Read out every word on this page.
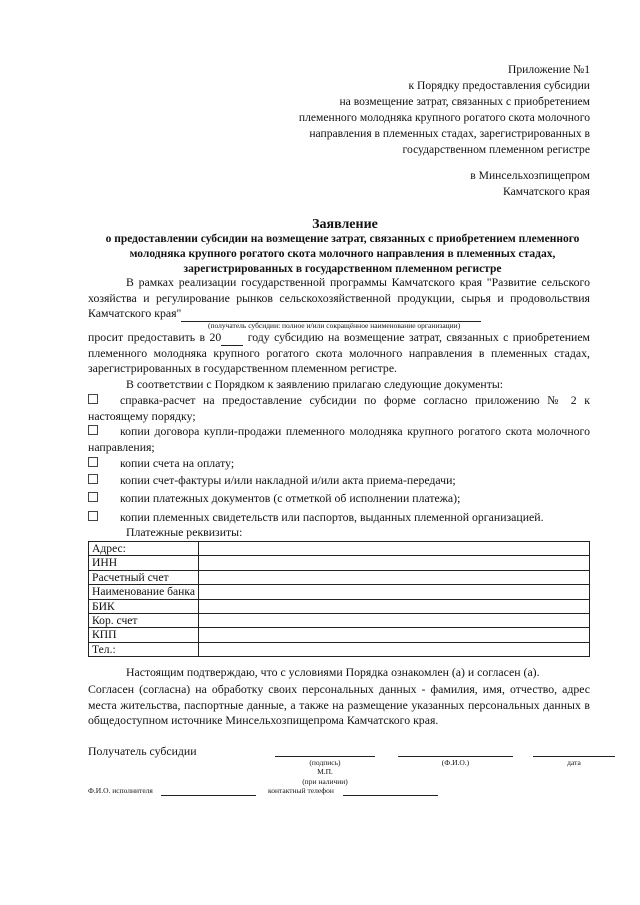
Приложение №1
к Порядку предоставления субсидии
на возмещение затрат, связанных с приобретением
племенного молодняка крупного рогатого скота молочного
направления в племенных стадах, зарегистрированных в
государственном племенном регистре
в Минсельхозпищепром
Камчатского края
Заявление
о предоставлении субсидии на возмещение затрат, связанных с приобретением племенного молодняка крупного рогатого скота молочного направления в племенных стадах, зарегистрированных в государственном племенном регистре
В рамках реализации государственной программы Камчатского края "Развитие сельского хозяйства и регулирование рынков сельскохозяйственной продукции, сырья и продовольствия Камчатского края"
(получатель субсидии: полное и/или сокращённое наименование организации)
просит предоставить в 20 году субсидию на возмещение затрат, связанных с приобретением племенного молодняка крупного рогатого скота молочного направления в племенных стадах, зарегистрированных в государственном племенном регистре.
В соответствии с Порядком к заявлению прилагаю следующие документы:
справка-расчет на предоставление субсидии по форме согласно приложению № 2 к настоящему порядку;
копии договора купли-продажи племенного молодняка крупного рогатого скота молочного направления;
копии счета на оплату;
копии счет-фактуры и/или накладной и/или акта приема-передачи;
копии платежных документов (с отметкой об исполнении платежа);
копии племенных свидетельств или паспортов, выданных племенной организацией.
Платежные реквизиты:
Адрес:	
ИНН	
Расчетный счет	
Наименование банка	
БИК	
Кор. счет	
КПП	
Тел.:	
Настоящим подтверждаю, что с условиями Порядка ознакомлен (а) и согласен (а).
Согласен (согласна) на обработку своих персональных данных - фамилия, имя, отчество, адрес места жительства, паспортные данные, а также на размещение указанных персональных данных в общедоступном источнике Минсельхозпищепрома Камчатского края.
Получатель субсидии
(подпись)	(Ф.И.О.)	дата
М.П.
(при наличии)
Ф.И.О. исполнителя	контактный телефон
